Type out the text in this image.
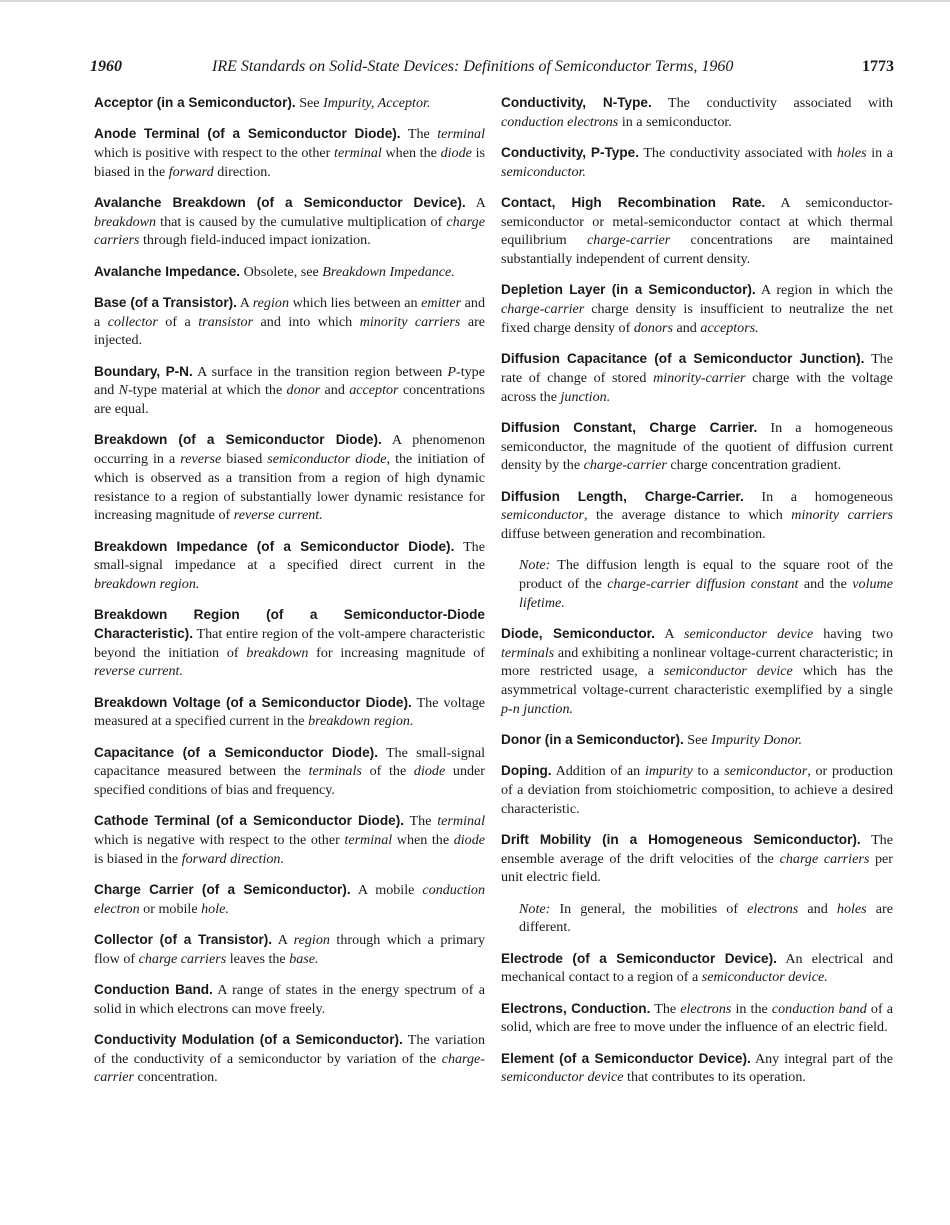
1960	IRE Standards on Solid-State Devices: Definitions of Semiconductor Terms, 1960	1773

Acceptor (in a Semiconductor). See Impurity, Acceptor.

Anode Terminal (of a Semiconductor Diode). The terminal which is positive with respect to the other terminal when the diode is biased in the forward direction.

Avalanche Breakdown (of a Semiconductor Device). A breakdown that is caused by the cumulative multiplication of charge carriers through field-induced impact ionization.

Avalanche Impedance. Obsolete, see Breakdown Impedance.

Base (of a Transistor). A region which lies between an emitter and a collector of a transistor and into which minority carriers are injected.

Boundary, P-N. A surface in the transition region between P-type and N-type material at which the donor and acceptor concentrations are equal.

Breakdown (of a Semiconductor Diode). A phenomenon occurring in a reverse biased semiconductor diode, the initiation of which is observed as a transition from a region of high dynamic resistance to a region of substantially lower dynamic resistance for increasing magnitude of reverse current.

Breakdown Impedance (of a Semiconductor Diode). The small-signal impedance at a specified direct current in the breakdown region.

Breakdown Region (of a Semiconductor-Diode Characteristic). That entire region of the volt-ampere characteristic beyond the initiation of breakdown for increasing magnitude of reverse current.

Breakdown Voltage (of a Semiconductor Diode). The voltage measured at a specified current in the breakdown region.

Capacitance (of a Semiconductor Diode). The small-signal capacitance measured between the terminals of the diode under specified conditions of bias and frequency.

Cathode Terminal (of a Semiconductor Diode). The terminal which is negative with respect to the other terminal when the diode is biased in the forward direction.

Charge Carrier (of a Semiconductor). A mobile conduction electron or mobile hole.

Collector (of a Transistor). A region through which a primary flow of charge carriers leaves the base.

Conduction Band. A range of states in the energy spectrum of a solid in which electrons can move freely.

Conductivity Modulation (of a Semiconductor). The variation of the conductivity of a semiconductor by variation of the charge-carrier concentration.

Conductivity, N-Type. The conductivity associated with conduction electrons in a semiconductor.

Conductivity, P-Type. The conductivity associated with holes in a semiconductor.

Contact, High Recombination Rate. A semiconductor-semiconductor or metal-semiconductor contact at which thermal equilibrium charge-carrier concentrations are maintained substantially independent of current density.

Depletion Layer (in a Semiconductor). A region in which the charge-carrier charge density is insufficient to neutralize the net fixed charge density of donors and acceptors.

Diffusion Capacitance (of a Semiconductor Junction). The rate of change of stored minority-carrier charge with the voltage across the junction.

Diffusion Constant, Charge Carrier. In a homogeneous semiconductor, the magnitude of the quotient of diffusion current density by the charge-carrier charge concentration gradient.

Diffusion Length, Charge-Carrier. In a homogeneous semiconductor, the average distance to which minority carriers diffuse between generation and recombination.

Note: The diffusion length is equal to the square root of the product of the charge-carrier diffusion constant and the volume lifetime.

Diode, Semiconductor. A semiconductor device having two terminals and exhibiting a nonlinear voltage-current characteristic; in more restricted usage, a semiconductor device which has the asymmetrical voltage-current characteristic exemplified by a single p-n junction.

Donor (in a Semiconductor). See Impurity Donor.

Doping. Addition of an impurity to a semiconductor, or production of a deviation from stoichiometric composition, to achieve a desired characteristic.

Drift Mobility (in a Homogeneous Semiconductor). The ensemble average of the drift velocities of the charge carriers per unit electric field.

Note: In general, the mobilities of electrons and holes are different.

Electrode (of a Semiconductor Device). An electrical and mechanical contact to a region of a semiconductor device.

Electrons, Conduction. The electrons in the conduction band of a solid, which are free to move under the influence of an electric field.

Element (of a Semiconductor Device). Any integral part of the semiconductor device that contributes to its operation.
